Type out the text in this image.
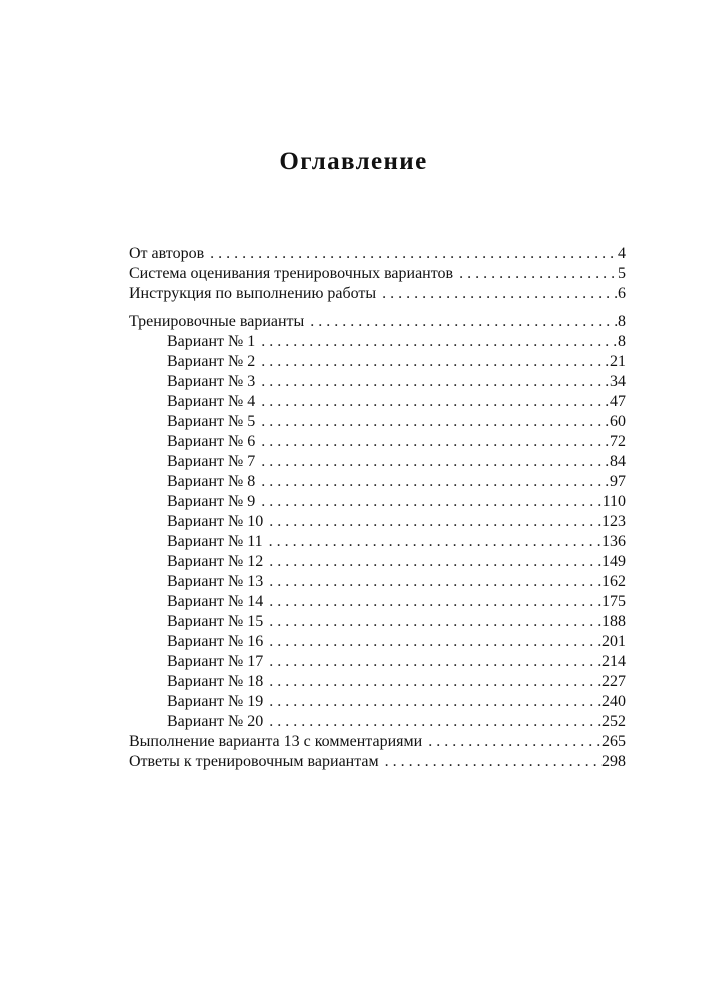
Оглавление
От авторов . . .	4
Система оценивания тренировочных вариантов . . .	5
Инструкция по выполнению работы . . .	6
Тренировочные варианты . . .	8
Вариант № 1 . . .	8
Вариант № 2 . . .	21
Вариант № 3 . . .	34
Вариант № 4 . . .	47
Вариант № 5 . . .	60
Вариант № 6 . . .	72
Вариант № 7 . . .	84
Вариант № 8 . . .	97
Вариант № 9 . . .	110
Вариант № 10 . . .	123
Вариант № 11 . . .	136
Вариант № 12 . . .	149
Вариант № 13 . . .	162
Вариант № 14 . . .	175
Вариант № 15 . . .	188
Вариант № 16 . . .	201
Вариант № 17 . . .	214
Вариант № 18 . . .	227
Вариант № 19 . . .	240
Вариант № 20 . . .	252
Выполнение варианта 13 с комментариями . . .	265
Ответы к тренировочным вариантам . . .	298
